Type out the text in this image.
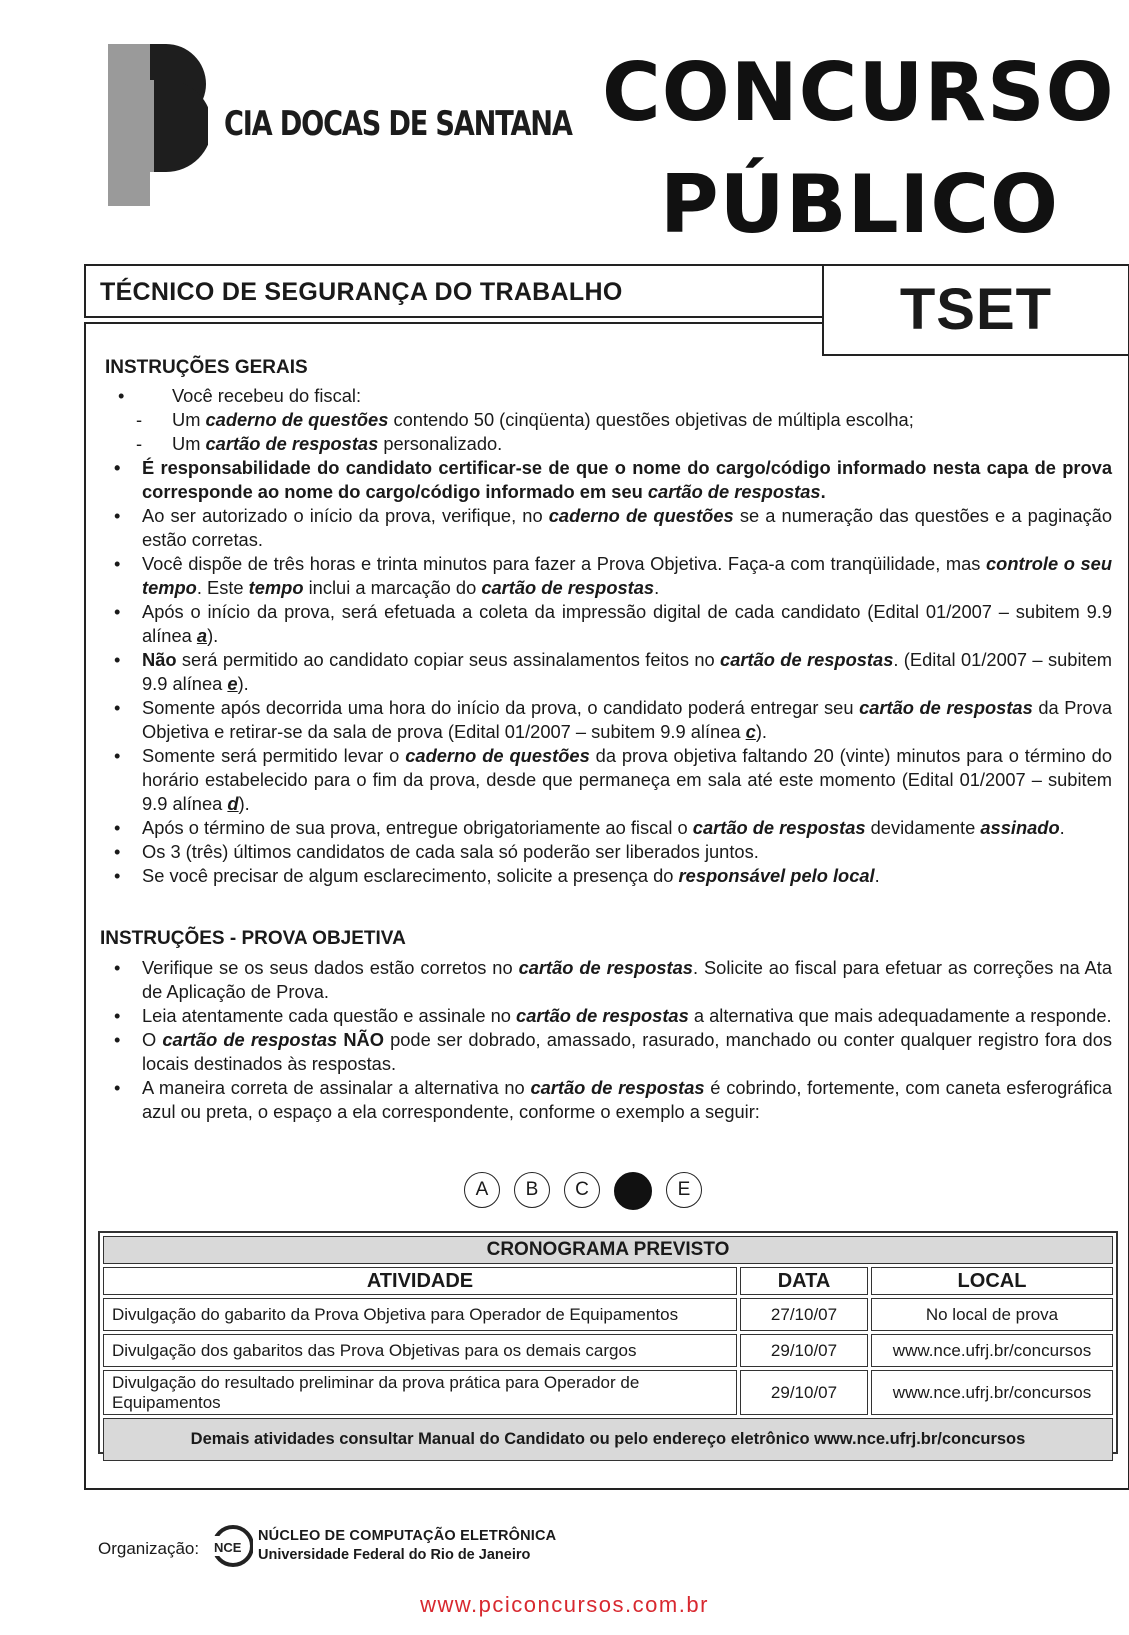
CIA DOCAS DE SANTANA CONCURSO
PÚBLICO
TÉCNICO DE SEGURANÇA DO TRABALHO	TSET
INSTRUÇÕES GERAIS
•	Você recebeu do fiscal:
- Um caderno de questões contendo 50 (cinqüenta) questões objetivas de múltipla escolha;
- Um cartão de respostas personalizado.
• É responsabilidade do candidato certificar-se de que o nome do cargo/código informado nesta capa de prova corresponde ao nome do cargo/código informado em seu cartão de respostas.
• Ao ser autorizado o início da prova, verifique, no caderno de questões se a numeração das questões e a paginação estão corretas.
• Você dispõe de três horas e trinta minutos para fazer a Prova Objetiva. Faça-a com tranqüilidade, mas controle o seu tempo. Este tempo inclui a marcação do cartão de respostas.
• Após o início da prova, será efetuada a coleta da impressão digital de cada candidato (Edital 01/2007 – subitem 9.9 alínea a).
• Não será permitido ao candidato copiar seus assinalamentos feitos no cartão de respostas. (Edital 01/2007 – subitem 9.9 alínea e).
• Somente após decorrida uma hora do início da prova, o candidato poderá entregar seu cartão de respostas da Prova Objetiva e retirar-se da sala de prova (Edital 01/2007 – subitem 9.9 alínea c).
• Somente será permitido levar o caderno de questões da prova objetiva faltando 20 (vinte) minutos para o término do horário estabelecido para o fim da prova, desde que permaneça em sala até este momento (Edital 01/2007 – subitem 9.9 alínea d).
• Após o término de sua prova, entregue obrigatoriamente ao fiscal o cartão de respostas devidamente assinado.
• Os 3 (três) últimos candidatos de cada sala só poderão ser liberados juntos.
• Se você precisar de algum esclarecimento, solicite a presença do responsável pelo local.
INSTRUÇÕES - PROVA OBJETIVA
• Verifique se os seus dados estão corretos no cartão de respostas. Solicite ao fiscal para efetuar as correções na Ata de Aplicação de Prova.
• Leia atentamente cada questão e assinale no cartão de respostas a alternativa que mais adequadamente a responde.
• O cartão de respostas NÃO pode ser dobrado, amassado, rasurado, manchado ou conter qualquer registro fora dos locais destinados às respostas.
• A maneira correta de assinalar a alternativa no cartão de respostas é cobrindo, fortemente, com caneta esferográfica azul ou preta, o espaço a ela correspondente, conforme o exemplo a seguir:
A	B	C	E
CRONOGRAMA PREVISTO		
ATIVIDADE	DATA	LOCAL
Divulgação do gabarito da Prova Objetiva para Operador de Equipamentos	27/10/07	No local de prova
Divulgação dos gabaritos das Prova Objetivas para os demais cargos	29/10/07	www.nce.ufrj.br/concursos
Divulgação do resultado preliminar da prova prática para Operador de Equipamentos	29/10/07	www.nce.ufrj.br/concursos
Demais atividades consultar Manual do Candidato ou pelo endereço eletrônico www.nce.ufrj.br/concursos		
Organização: NCE
NÚCLEO DE COMPUTAÇÃO ELETRÔNICA
Universidade Federal do Rio de Janeiro
www.pciconcursos.com.br
